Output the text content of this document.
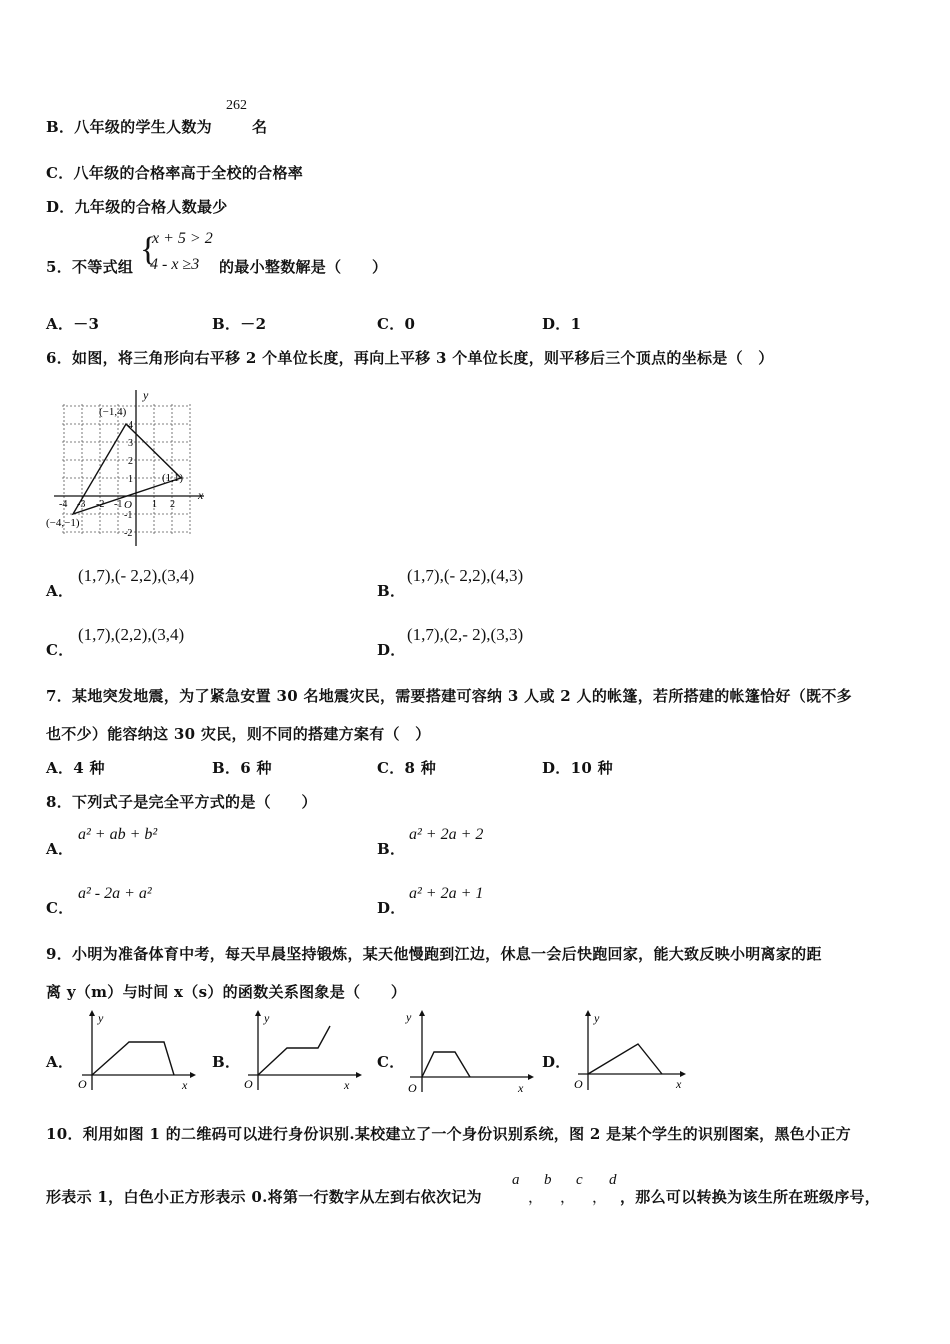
B．八年级的学生人数为
262
名
C．八年级的合格率高于全校的合格率
D．九年级的合格人数最少
5．不等式组 {
x + 5 > 2
4 - x ≥3 的最小整数解是（　　）
A．－3	B．－2	C．0	D．1
6．如图，将三角形向右平移 2 个单位长度，再向上平移 3 个单位长度，则平移后三个顶点的坐标是（　）
x
y
O
(−1,4)
(1,1)
(−4,−1)
-4 -3 -2 -1	1 2
4
3
2
1
-1
-2
A．
(1,7),(- 2,2),(3,4)
B．
(1,7),(- 2,2),(4,3)
C．
(1,7),(2,2),(3,4)
D．
(1,7),(2,- 2),(3,3)
7．某地突发地震，为了紧急安置 30 名地震灾民，需要搭建可容纳 3 人或 2 人的帐篷，若所搭建的帐篷恰好（既不多
也不少）能容纳这 30 灾民，则不同的搭建方案有（　）
A．4 种	B．6 种	C．8 种	D．10 种
8．下列式子是完全平方式的是（　　）
A．
a² + ab + b²
B．
a² + 2a + 2
C．
a² - 2a + a²
D．
a² + 2a + 1
9．小明为准备体育中考，每天早晨坚持锻炼，某天他慢跑到江边，休息一会后快跑回家，能大致反映小明离家的距
离 y（m）与时间 x（s）的函数关系图象是（　　）
A．
y
x
O
B．
y
x
O
C．
y
x
O
D．
y
x
O
10．利用如图 1 的二维码可以进行身份识别.某校建立了一个身份识别系统，图 2 是某个学生的识别图案，黑色小正方
形表示 1，白色小正方形表示 0.将第一行数字从左到右依次记为
a
，
b
，
c
，
d
，那么可以转换为该生所在班级序号，
